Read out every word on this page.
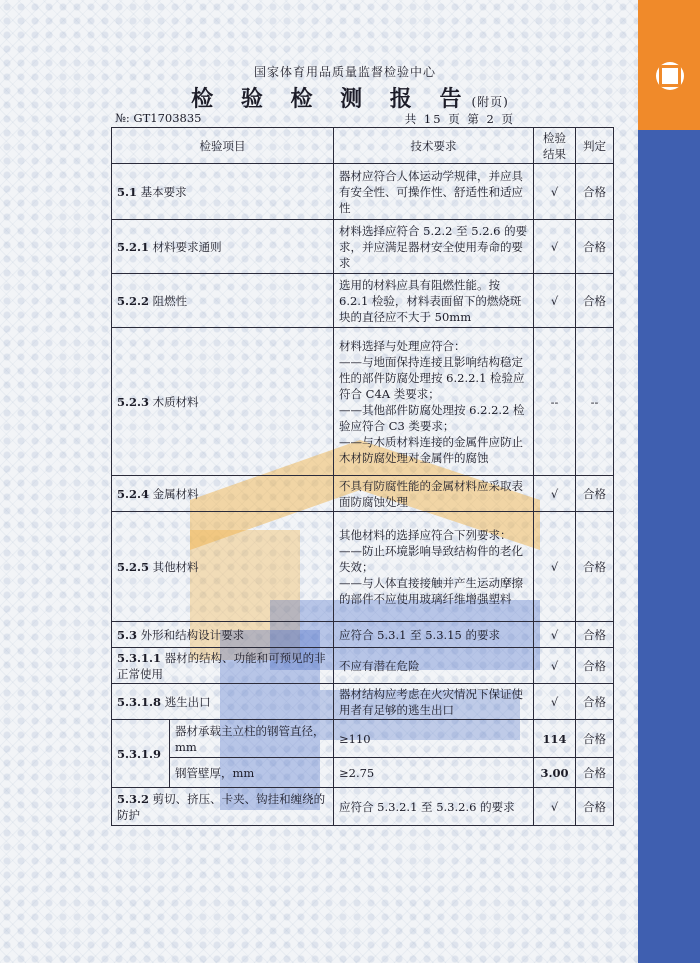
国家体育用品质量监督检验中心
检 验 检 测 报 告(附页)
№: GT1703835	共 15 页 第 2 页
检验项目		技术要求	检验结果	判定
5.1 基本要求		器材应符合人体运动学规律，并应具有安全性、可操作性、舒适性和适应性	√	合格
5.2.1 材料要求通则		材料选择应符合 5.2.2 至 5.2.6 的要求，并应满足器材安全使用寿命的要求	√	合格
5.2.2 阻燃性		选用的材料应具有阻燃性能。按 6.2.1 检验，材料表面留下的燃烧斑块的直径应不大于 50mm	√	合格
5.2.3 木质材料		材料选择与处理应符合：
——与地面保持连接且影响结构稳定性的部件防腐处理按 6.2.2.1 检验应符合 C4A 类要求；
——其他部件防腐处理按 6.2.2.2 检验应符合 C3 类要求；
——与木质材料连接的金属件应防止木材防腐处理对金属件的腐蚀	--	--
5.2.4 金属材料		不具有防腐性能的金属材料应采取表面防腐蚀处理	√	合格
5.2.5 其他材料		其他材料的选择应符合下列要求：
——防止环境影响导致结构件的老化失效；
——与人体直接接触并产生运动摩擦的部件不应使用玻璃纤维增强塑料	√	合格
5.3 外形和结构设计要求		应符合 5.3.1 至 5.3.15 的要求	√	合格
5.3.1.1 器材的结构、功能和可预见的非正常使用		不应有潜在危险	√	合格
5.3.1.8 逃生出口		器材结构应考虑在火灾情况下保证使用者有足够的逃生出口	√	合格
5.3.1.9	器材承载主立柱的钢管直径，mm	≥110	114	合格
	钢管壁厚，mm	≥2.75	3.00	合格
5.3.2 剪切、挤压、卡夹、钩挂和缠绕的防护		应符合 5.3.2.1 至 5.3.2.6 的要求	√	合格
